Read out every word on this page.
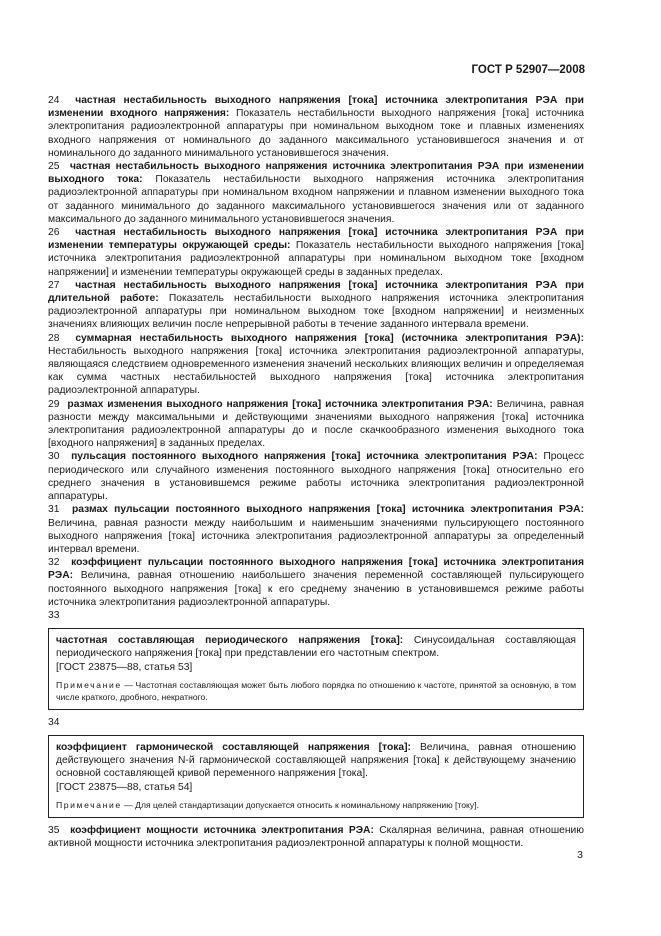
ГОСТ Р 52907—2008

24 частная нестабильность выходного напряжения [тока] источника электропитания РЭА при изменении входного напряжения: Показатель нестабильности выходного напряжения [тока] источника электропитания радиоэлектронной аппаратуры при номинальном выходном токе и плавных изменениях входного напряжения от номинального до заданного максимального установившегося значения и от номинального до заданного минимального установившегося значения.

25 частная нестабильность выходного напряжения источника электропитания РЭА при изменении выходного тока: Показатель нестабильности выходного напряжения источника электропитания радиоэлектронной аппаратуры при номинальном входном напряжении и плавном изменении выходного тока от заданного минимального до заданного максимального установившегося значения или от заданного максимального до заданного минимального установившегося значения.

26 частная нестабильность выходного напряжения [тока] источника электропитания РЭА при изменении температуры окружающей среды: Показатель нестабильности выходного напряжения [тока] источника электропитания радиоэлектронной аппаратуры при номинальном выходном токе [входном напряжении] и изменении температуры окружающей среды в заданных пределах.

27 частная нестабильность выходного напряжения [тока] источника электропитания РЭА при длительной работе: Показатель нестабильности выходного напряжения источника электропитания радиоэлектронной аппаратуры при номинальном выходном токе [входном напряжении] и неизменных значениях влияющих величин после непрерывной работы в течение заданного интервала времени.

28 суммарная нестабильность выходного напряжения [тока] (источника электропитания РЭА): Нестабильность выходного напряжения [тока] источника электропитания радиоэлектронной аппаратуры, являющаяся следствием одновременного изменения значений нескольких влияющих величин и определяемая как сумма частных нестабильностей выходного напряжения [тока] источника электропитания радиоэлектронной аппаратуры.

29 размах изменения выходного напряжения [тока] источника электропитания РЭА: Величина, равная разности между максимальными и действующими значениями выходного напряжения [тока] источника электропитания радиоэлектронной аппаратуры до и после скачкообразного изменения выходного тока [входного напряжения] в заданных пределах.

30 пульсация постоянного выходного напряжения [тока] источника электропитания РЭА: Процесс периодического или случайного изменения постоянного выходного напряжения [тока] относительно его среднего значения в установившемся режиме работы источника электропитания радиоэлектронной аппаратуры.

31 размах пульсации постоянного выходного напряжения [тока] источника электропитания РЭА: Величина, равная разности между наибольшим и наименьшим значениями пульсирующего постоянного выходного напряжения [тока] источника электропитания радиоэлектронной аппаратуры за определенный интервал времени.

32 коэффициент пульсации постоянного выходного напряжения [тока] источника электропитания РЭА: Величина, равная отношению наибольшего значения переменной составляющей пульсирующего постоянного выходного напряжения [тока] к его среднему значению в установившемся режиме работы источника электропитания радиоэлектронной аппаратуры.

33

частотная составляющая периодического напряжения [тока]: Синусоидальная составляющая периодического напряжения [тока] при представлении его частотным спектром.

[ГОСТ 23875—88, статья 53]

Примечание — Частотная составляющая может быть любого порядка по отношению к частоте, принятой за основную, в том числе краткого, дробного, некратного.

34

коэффициент гармонической составляющей напряжения [тока]: Величина, равная отношению действующего значения N-й гармонической составляющей напряжения [тока] к действующему значению основной составляющей кривой переменного напряжения [тока].

[ГОСТ 23875—88, статья 54]

Примечание — Для целей стандартизации допускается относить к номинальному напряжению [току].

35 коэффициент мощности источника электропитания РЭА: Скалярная величина, равная отношению активной мощности источника электропитания радиоэлектронной аппаратуры к полной мощности.

3
